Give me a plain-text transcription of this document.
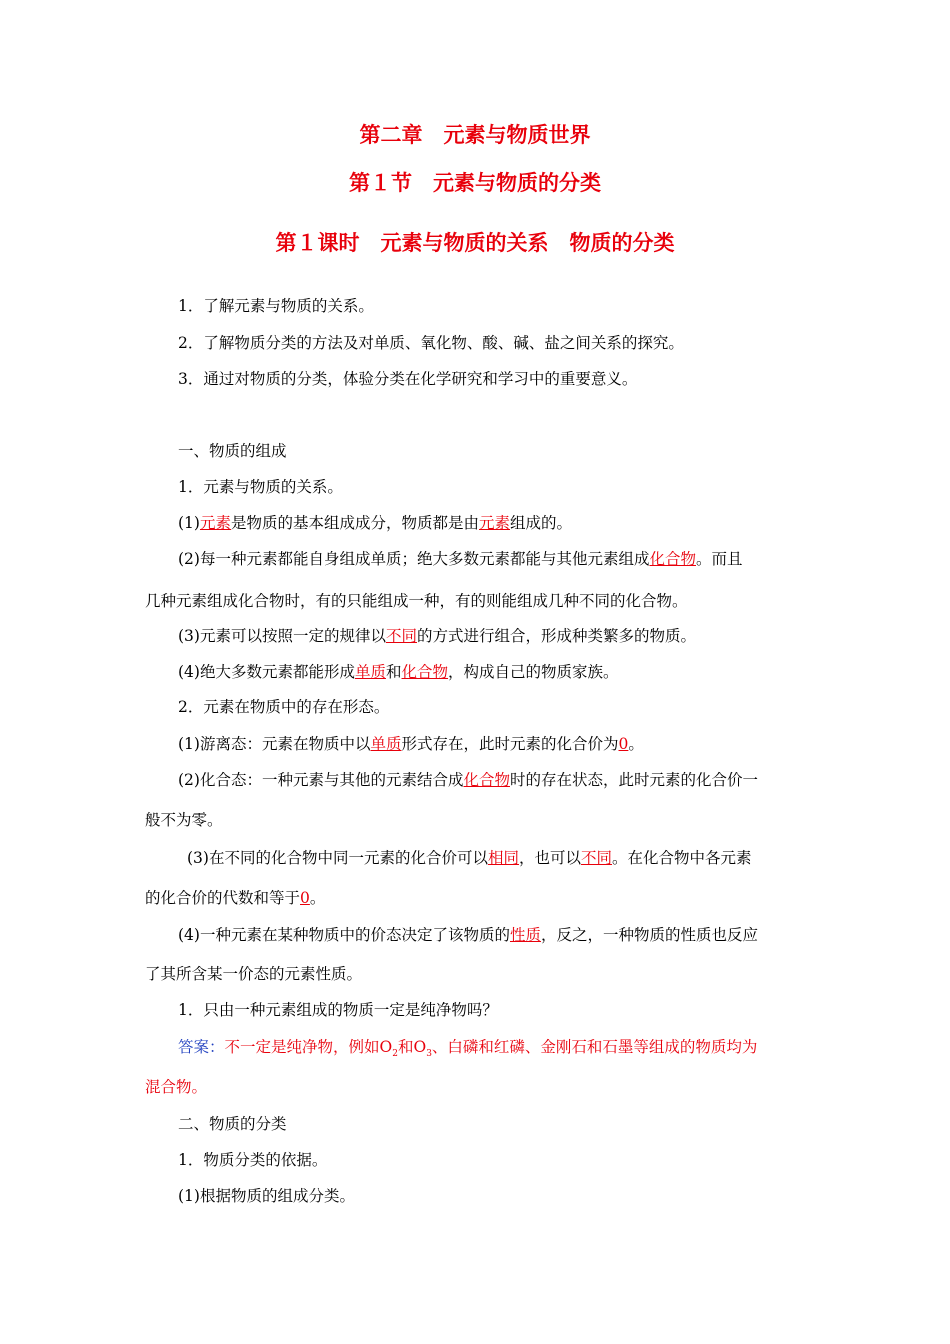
第二章　元素与物质世界
第１节　元素与物质的分类
第１课时　元素与物质的关系　物质的分类

1．了解元素与物质的关系。

2．了解物质分类的方法及对单质、氧化物、酸、碱、盐之间关系的探究。

3．通过对物质的分类，体验分类在化学研究和学习中的重要意义。

一、物质的组成

1．元素与物质的关系。

(1)元素是物质的基本组成成分，物质都是由元素组成的。

(2)每一种元素都能自身组成单质；绝大多数元素都能与其他元素组成化合物。而且

几种元素组成化合物时，有的只能组成一种，有的则能组成几种不同的化合物。

(3)元素可以按照一定的规律以不同的方式进行组合，形成种类繁多的物质。

(4)绝大多数元素都能形成单质和化合物，构成自己的物质家族。

2．元素在物质中的存在形态。

(1)游离态：元素在物质中以单质形式存在，此时元素的化合价为0。

(2)化合态：一种元素与其他的元素结合成化合物时的存在状态，此时元素的化合价一

般不为零。

(3)在不同的化合物中同一元素的化合价可以相同，也可以不同。在化合物中各元素

的化合价的代数和等于0。

(4)一种元素在某种物质中的价态决定了该物质的性质，反之，一种物质的性质也反应

了其所含某一价态的元素性质。

1．只由一种元素组成的物质一定是纯净物吗？

答案：不一定是纯净物，例如$O_2$和$O_3$、白磷和红磷、金刚石和石墨等组成的物质均为

混合物。

二、物质的分类

1．物质分类的依据。

(1)根据物质的组成分类。
